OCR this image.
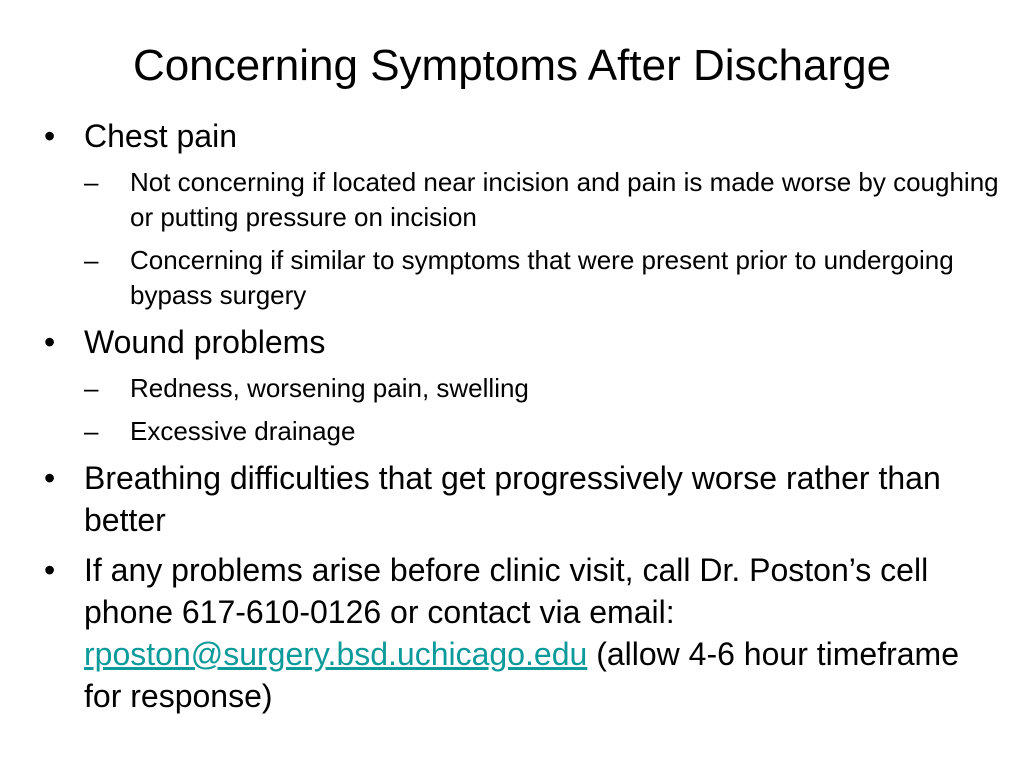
Concerning Symptoms After Discharge
• Chest pain
– Not concerning if located near incision and pain is made worse by coughing or putting pressure on incision
– Concerning if similar to symptoms that were present prior to undergoing bypass surgery
• Wound problems
– Redness, worsening pain, swelling
– Excessive drainage
• Breathing difficulties that get progressively worse rather than better
• If any problems arise before clinic visit, call Dr. Poston’s cell phone 617-610-0126 or contact via email: rposton@surgery.bsd.uchicago.edu (allow 4-6 hour timeframe for response)
